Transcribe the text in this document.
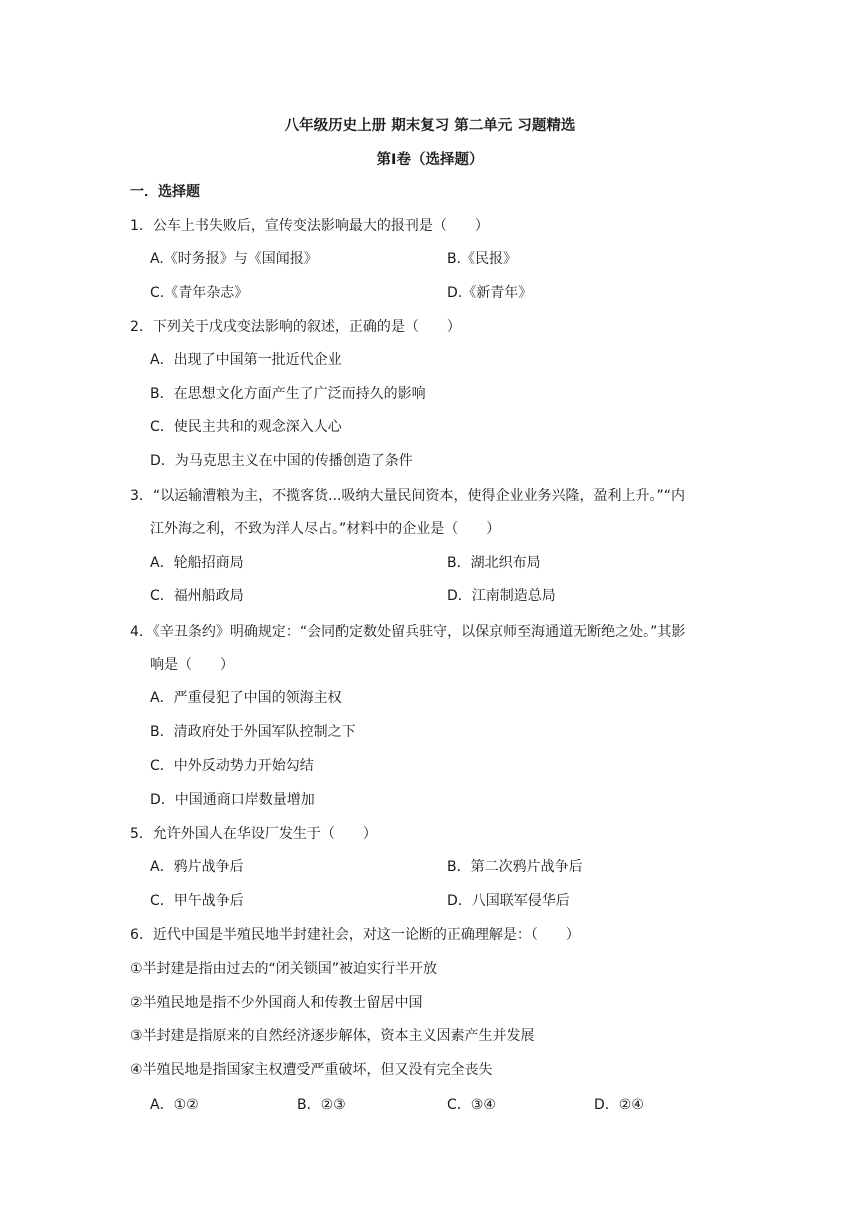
八年级历史上册 期末复习 第二单元 习题精选
第Ⅰ卷（选择题）
一．选择题
1．公车上书失败后，宣传变法影响最大的报刊是（　　）
A.《时务报》与《国闻报》	B.《民报》
C.《青年杂志》	D.《新青年》
2．下列关于戊戌变法影响的叙述，正确的是（　　）
A．出现了中国第一批近代企业
B．在思想文化方面产生了广泛而持久的影响
C．使民主共和的观念深入人心
D．为马克思主义在中国的传播创造了条件
3．“以运输漕粮为主，不揽客货...吸纳大量民间资本，使得企业业务兴隆，盈利上升。”“内
江外海之利，不致为洋人尽占。”材料中的企业是（　　）
A．轮船招商局	B．湖北织布局
C．福州船政局	D．江南制造总局
4．《辛丑条约》明确规定：“会同酌定数处留兵驻守，以保京师至海通道无断绝之处。”其影
响是（　　）
A．严重侵犯了中国的领海主权
B．清政府处于外国军队控制之下
C．中外反动势力开始勾结
D．中国通商口岸数量增加
5．允许外国人在华设厂发生于（　　）
A．鸦片战争后	B．第二次鸦片战争后
C．甲午战争后	D．八国联军侵华后
6．近代中国是半殖民地半封建社会，对这一论断的正确理解是：（　　）
①半封建是指由过去的“闭关锁国”被迫实行半开放
②半殖民地是指不少外国商人和传教士留居中国
③半封建是指原来的自然经济逐步解体，资本主义因素产生并发展
④半殖民地是指国家主权遭受严重破坏，但又没有完全丧失
A．①②	B．②③	C．③④	D．②④
